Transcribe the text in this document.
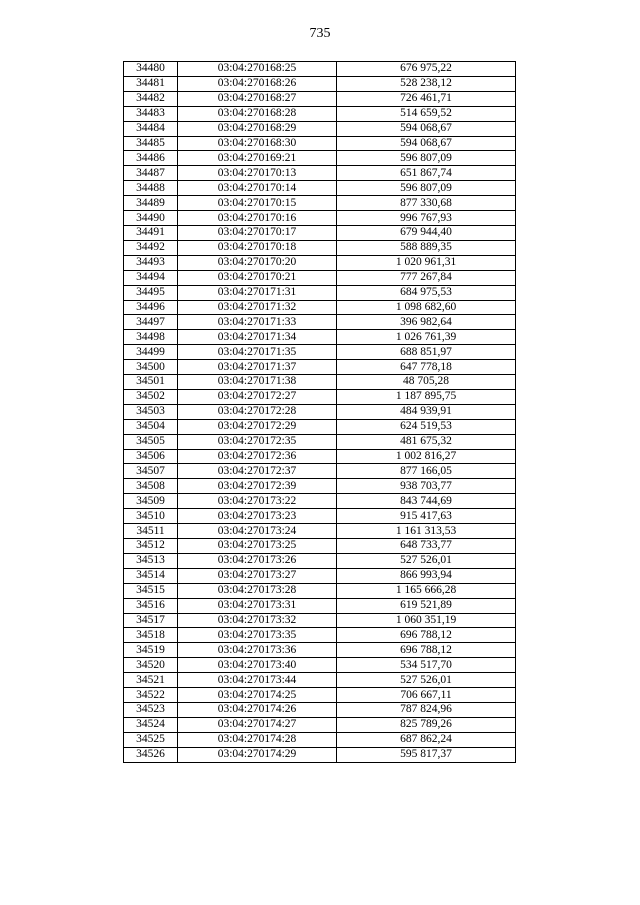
735
34480	03:04:270168:25	676 975,22
34481	03:04:270168:26	528 238,12
34482	03:04:270168:27	726 461,71
34483	03:04:270168:28	514 659,52
34484	03:04:270168:29	594 068,67
34485	03:04:270168:30	594 068,67
34486	03:04:270169:21	596 807,09
34487	03:04:270170:13	651 867,74
34488	03:04:270170:14	596 807,09
34489	03:04:270170:15	877 330,68
34490	03:04:270170:16	996 767,93
34491	03:04:270170:17	679 944,40
34492	03:04:270170:18	588 889,35
34493	03:04:270170:20	1 020 961,31
34494	03:04:270170:21	777 267,84
34495	03:04:270171:31	684 975,53
34496	03:04:270171:32	1 098 682,60
34497	03:04:270171:33	396 982,64
34498	03:04:270171:34	1 026 761,39
34499	03:04:270171:35	688 851,97
34500	03:04:270171:37	647 778,18
34501	03:04:270171:38	48 705,28
34502	03:04:270172:27	1 187 895,75
34503	03:04:270172:28	484 939,91
34504	03:04:270172:29	624 519,53
34505	03:04:270172:35	481 675,32
34506	03:04:270172:36	1 002 816,27
34507	03:04:270172:37	877 166,05
34508	03:04:270172:39	938 703,77
34509	03:04:270173:22	843 744,69
34510	03:04:270173:23	915 417,63
34511	03:04:270173:24	1 161 313,53
34512	03:04:270173:25	648 733,77
34513	03:04:270173:26	527 526,01
34514	03:04:270173:27	866 993,94
34515	03:04:270173:28	1 165 666,28
34516	03:04:270173:31	619 521,89
34517	03:04:270173:32	1 060 351,19
34518	03:04:270173:35	696 788,12
34519	03:04:270173:36	696 788,12
34520	03:04:270173:40	534 517,70
34521	03:04:270173:44	527 526,01
34522	03:04:270174:25	706 667,11
34523	03:04:270174:26	787 824,96
34524	03:04:270174:27	825 789,26
34525	03:04:270174:28	687 862,24
34526	03:04:270174:29	595 817,37
